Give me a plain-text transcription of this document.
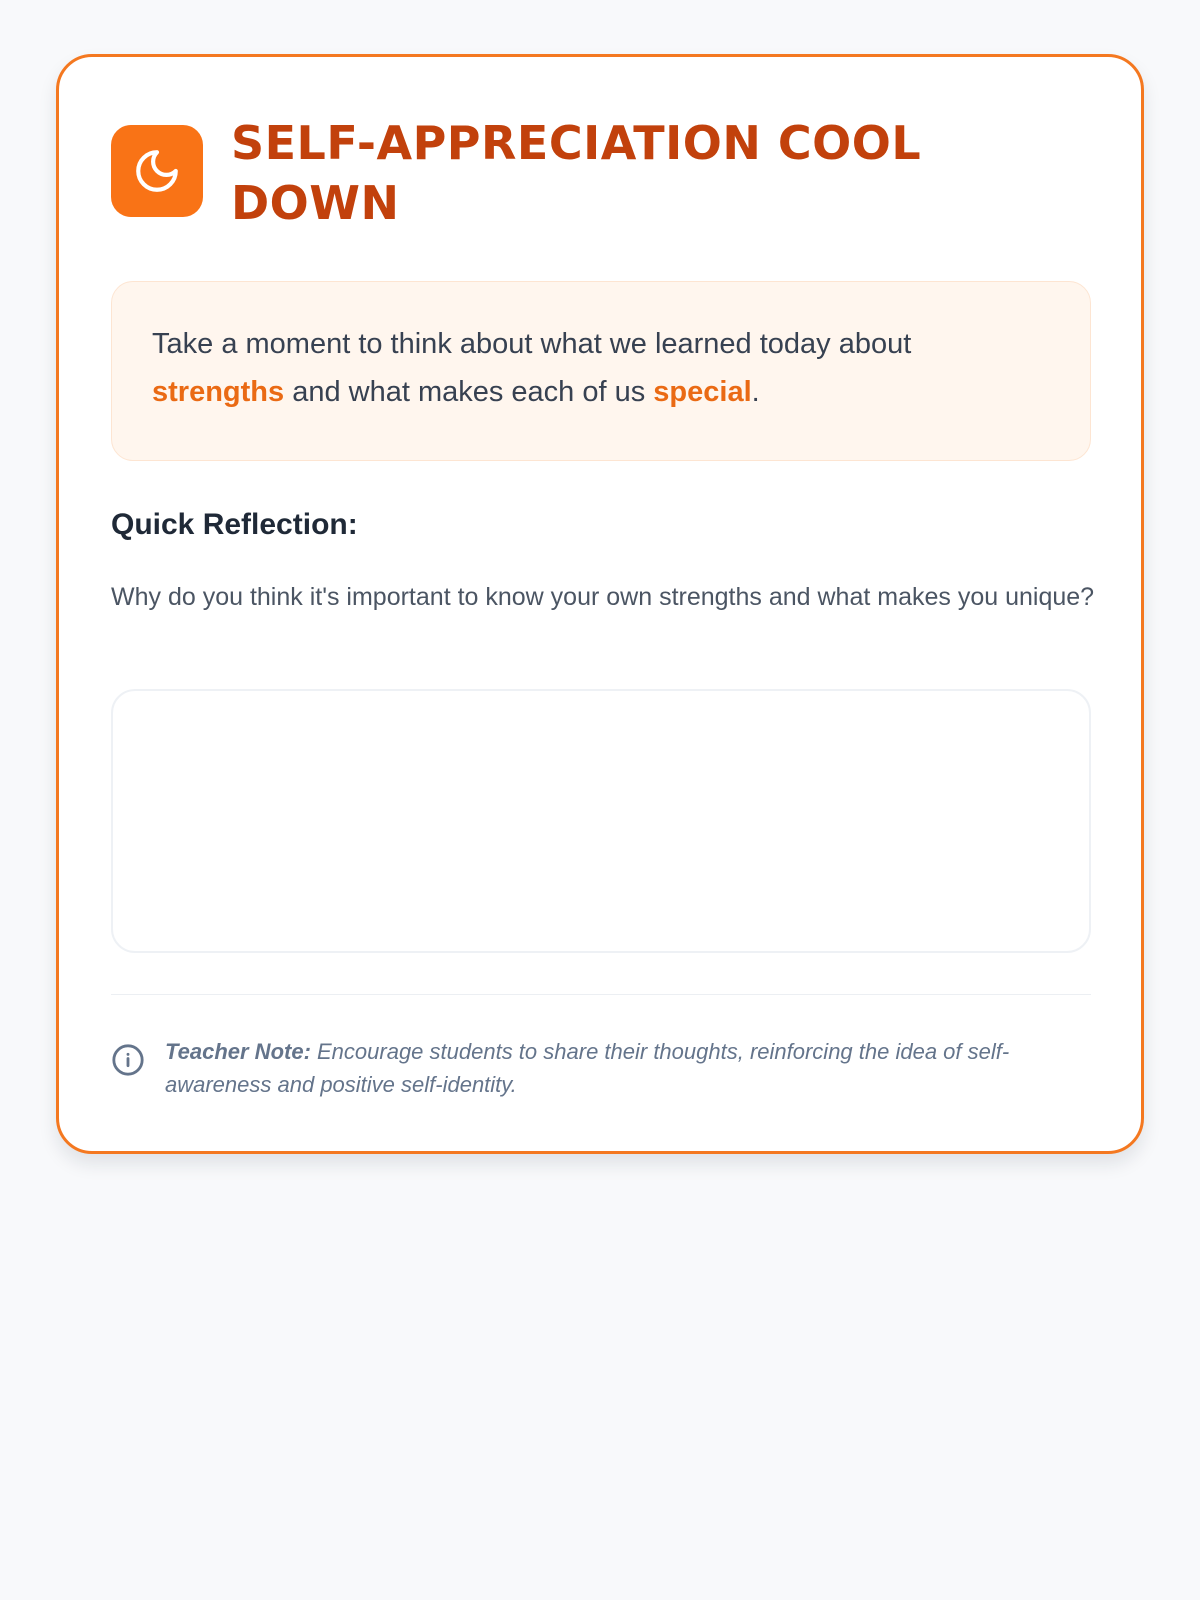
SELF-APPRECIATION COOL DOWN
Take a moment to think about what we learned today about strengths and what makes each of us special.
Quick Reflection:

Why do you think it's important to know your own strengths and what makes you unique?

Teacher Note: Encourage students to share their thoughts, reinforcing the idea of self-awareness and positive self-identity.
